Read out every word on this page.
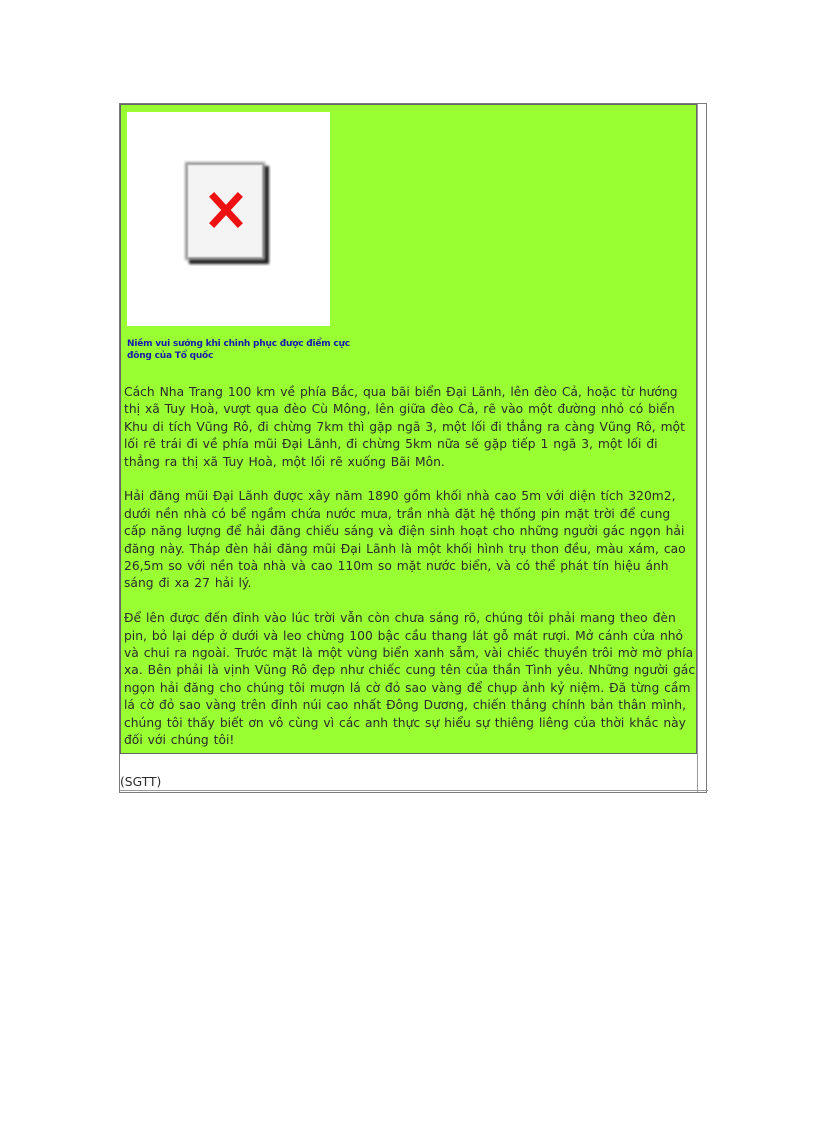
Niềm vui sướng khi chinh phục được điểm cực đông của Tổ quốc

Cách Nha Trang 100 km về phía Bắc, qua bãi biển Đại Lãnh, lên đèo Cả, hoặc từ hướng thị xã Tuy Hoà, vượt qua đèo Cù Mông, lên giữa đèo Cả, rẽ vào một đường nhỏ có biển Khu di tích Vũng Rô, đi chừng 7km thì gặp ngã 3, một lối đi thẳng ra càng Vũng Rô, một lối rẽ trái đi về phía mũi Đại Lãnh, đi chừng 5km nữa sẽ gặp tiếp 1 ngã 3, một lối đi thẳng ra thị xã Tuy Hoà, một lối rẽ xuống Bãi Môn.

Hải đăng mũi Đại Lãnh được xây năm 1890 gồm khối nhà cao 5m với diện tích 320m2, dưới nền nhà có bể ngầm chứa nước mưa, trần nhà đặt hệ thống pin mặt trời để cung cấp năng lượng để hải đăng chiếu sáng và điện sinh hoạt cho những người gác ngọn hải đăng này. Tháp đèn hải đăng mũi Đại Lãnh là một khối hình trụ thon đều, màu xám, cao 26,5m so với nền toà nhà và cao 110m so mặt nước biển, và có thể phát tín hiệu ánh sáng đi xa 27 hải lý.

Để lên được đến đỉnh vào lúc trời vẫn còn chưa sáng rõ, chúng tôi phải mang theo đèn pin, bỏ lại dép ở dưới và leo chừng 100 bậc cầu thang lát gỗ mát rượi. Mở cánh cửa nhỏ và chui ra ngoài. Trước mặt là một vùng biển xanh sẫm, vài chiếc thuyền trôi mờ mờ phía xa. Bên phải là vịnh Vũng Rô đẹp như chiếc cung tên của thần Tình yêu. Những người gác ngọn hải đăng cho chúng tôi mượn lá cờ đỏ sao vàng để chụp ảnh kỷ niệm. Đã từng cầm lá cờ đỏ sao vàng trên đỉnh núi cao nhất Đông Dương, chiến thắng chính bản thân mình, chúng tôi thấy biết ơn vô cùng vì các anh thực sự hiểu sự thiêng liêng của thời khắc này đối với chúng tôi!

(SGTT)
